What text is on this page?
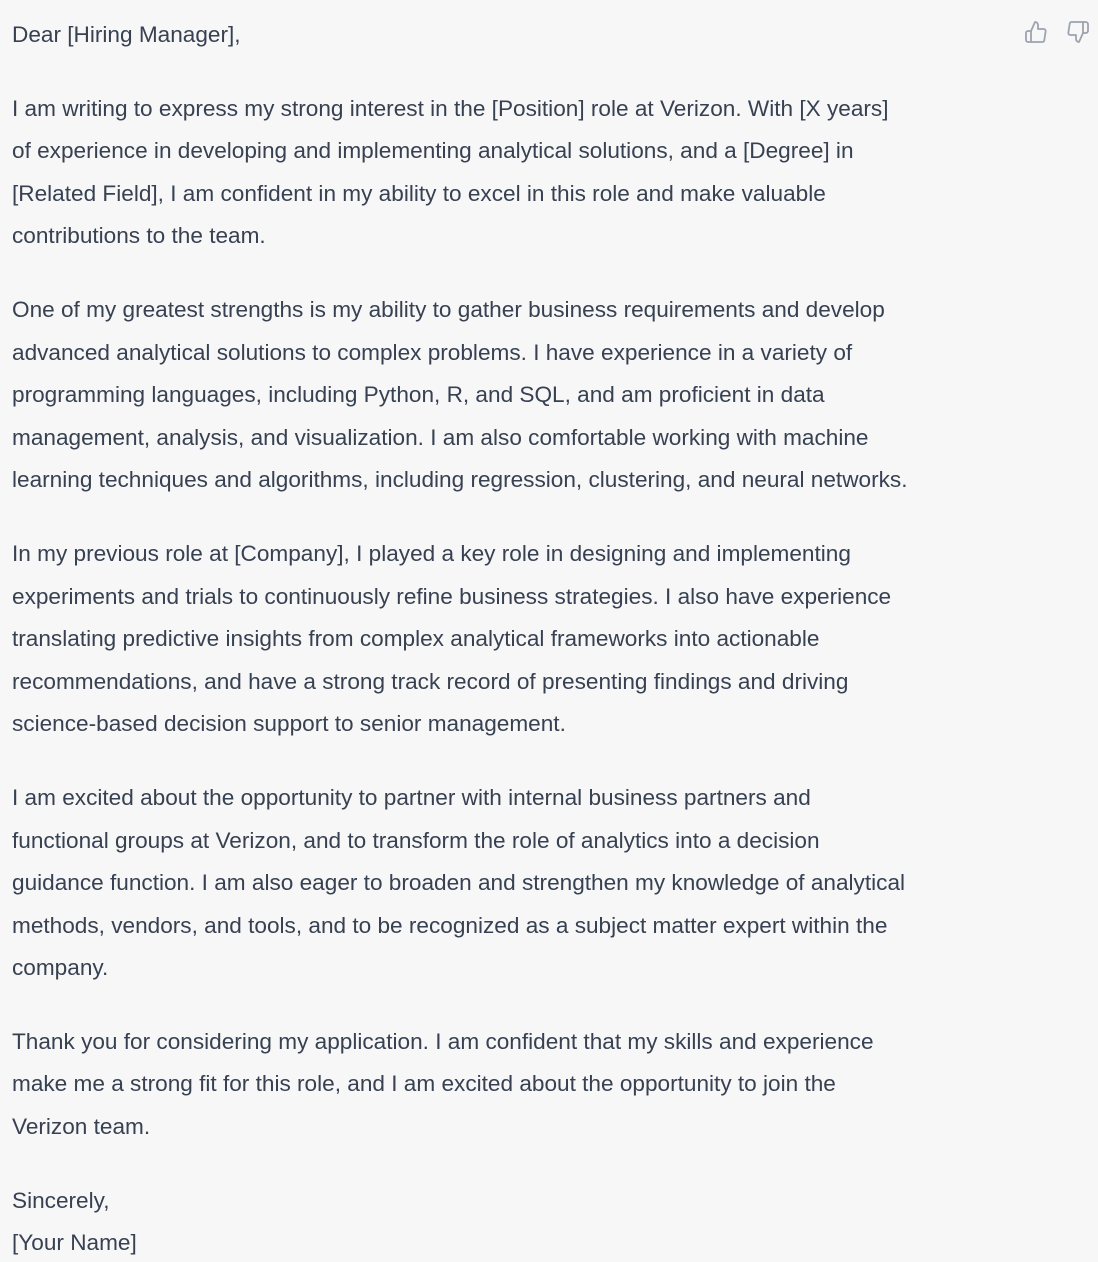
Dear [Hiring Manager],

I am writing to express my strong interest in the [Position] role at Verizon. With [X years]
of experience in developing and implementing analytical solutions, and a [Degree] in
[Related Field], I am confident in my ability to excel in this role and make valuable
contributions to the team.

One of my greatest strengths is my ability to gather business requirements and develop
advanced analytical solutions to complex problems. I have experience in a variety of
programming languages, including Python, R, and SQL, and am proficient in data
management, analysis, and visualization. I am also comfortable working with machine
learning techniques and algorithms, including regression, clustering, and neural networks.

In my previous role at [Company], I played a key role in designing and implementing
experiments and trials to continuously refine business strategies. I also have experience
translating predictive insights from complex analytical frameworks into actionable
recommendations, and have a strong track record of presenting findings and driving
science-based decision support to senior management.

I am excited about the opportunity to partner with internal business partners and
functional groups at Verizon, and to transform the role of analytics into a decision
guidance function. I am also eager to broaden and strengthen my knowledge of analytical
methods, vendors, and tools, and to be recognized as a subject matter expert within the
company.

Thank you for considering my application. I am confident that my skills and experience
make me a strong fit for this role, and I am excited about the opportunity to join the
Verizon team.

Sincerely,
[Your Name]
